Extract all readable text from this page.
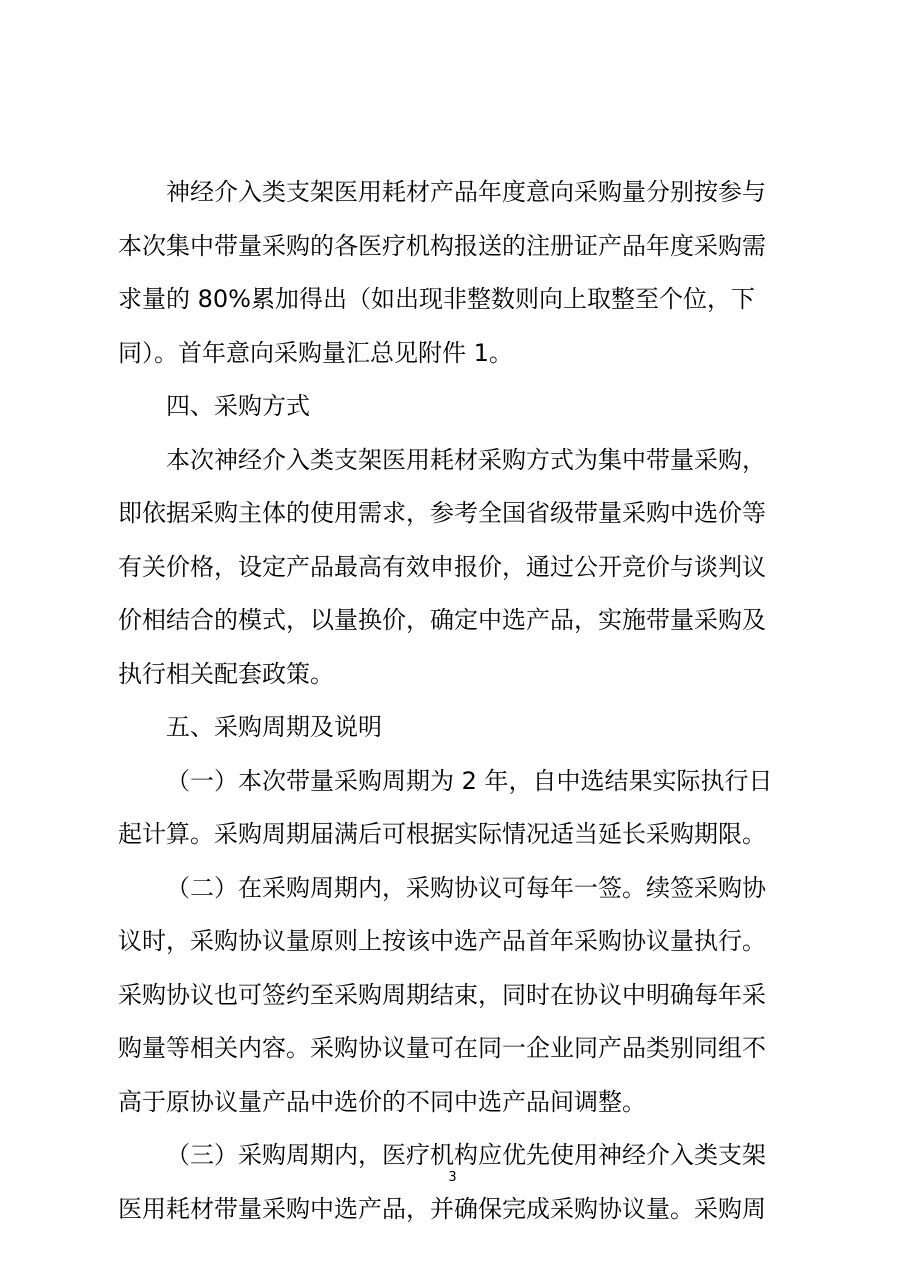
神经介入类支架医用耗材产品年度意向采购量分别按参与
本次集中带量采购的各医疗机构报送的注册证产品年度采购需
求量的 80%累加得出（如出现非整数则向上取整至个位，下
同）。首年意向采购量汇总见附件 1。
四、采购方式
本次神经介入类支架医用耗材采购方式为集中带量采购，
即依据采购主体的使用需求，参考全国省级带量采购中选价等
有关价格，设定产品最高有效申报价，通过公开竞价与谈判议
价相结合的模式，以量换价，确定中选产品，实施带量采购及
执行相关配套政策。
五、采购周期及说明
（一）本次带量采购周期为 2 年，自中选结果实际执行日
起计算。采购周期届满后可根据实际情况适当延长采购期限。
（二）在采购周期内，采购协议可每年一签。续签采购协
议时，采购协议量原则上按该中选产品首年采购协议量执行。
采购协议也可签约至采购周期结束，同时在协议中明确每年采
购量等相关内容。采购协议量可在同一企业同产品类别同组不
高于原协议量产品中选价的不同中选产品间调整。
（三）采购周期内，医疗机构应优先使用神经介入类支架
医用耗材带量采购中选产品，并确保完成采购协议量。采购周
3
